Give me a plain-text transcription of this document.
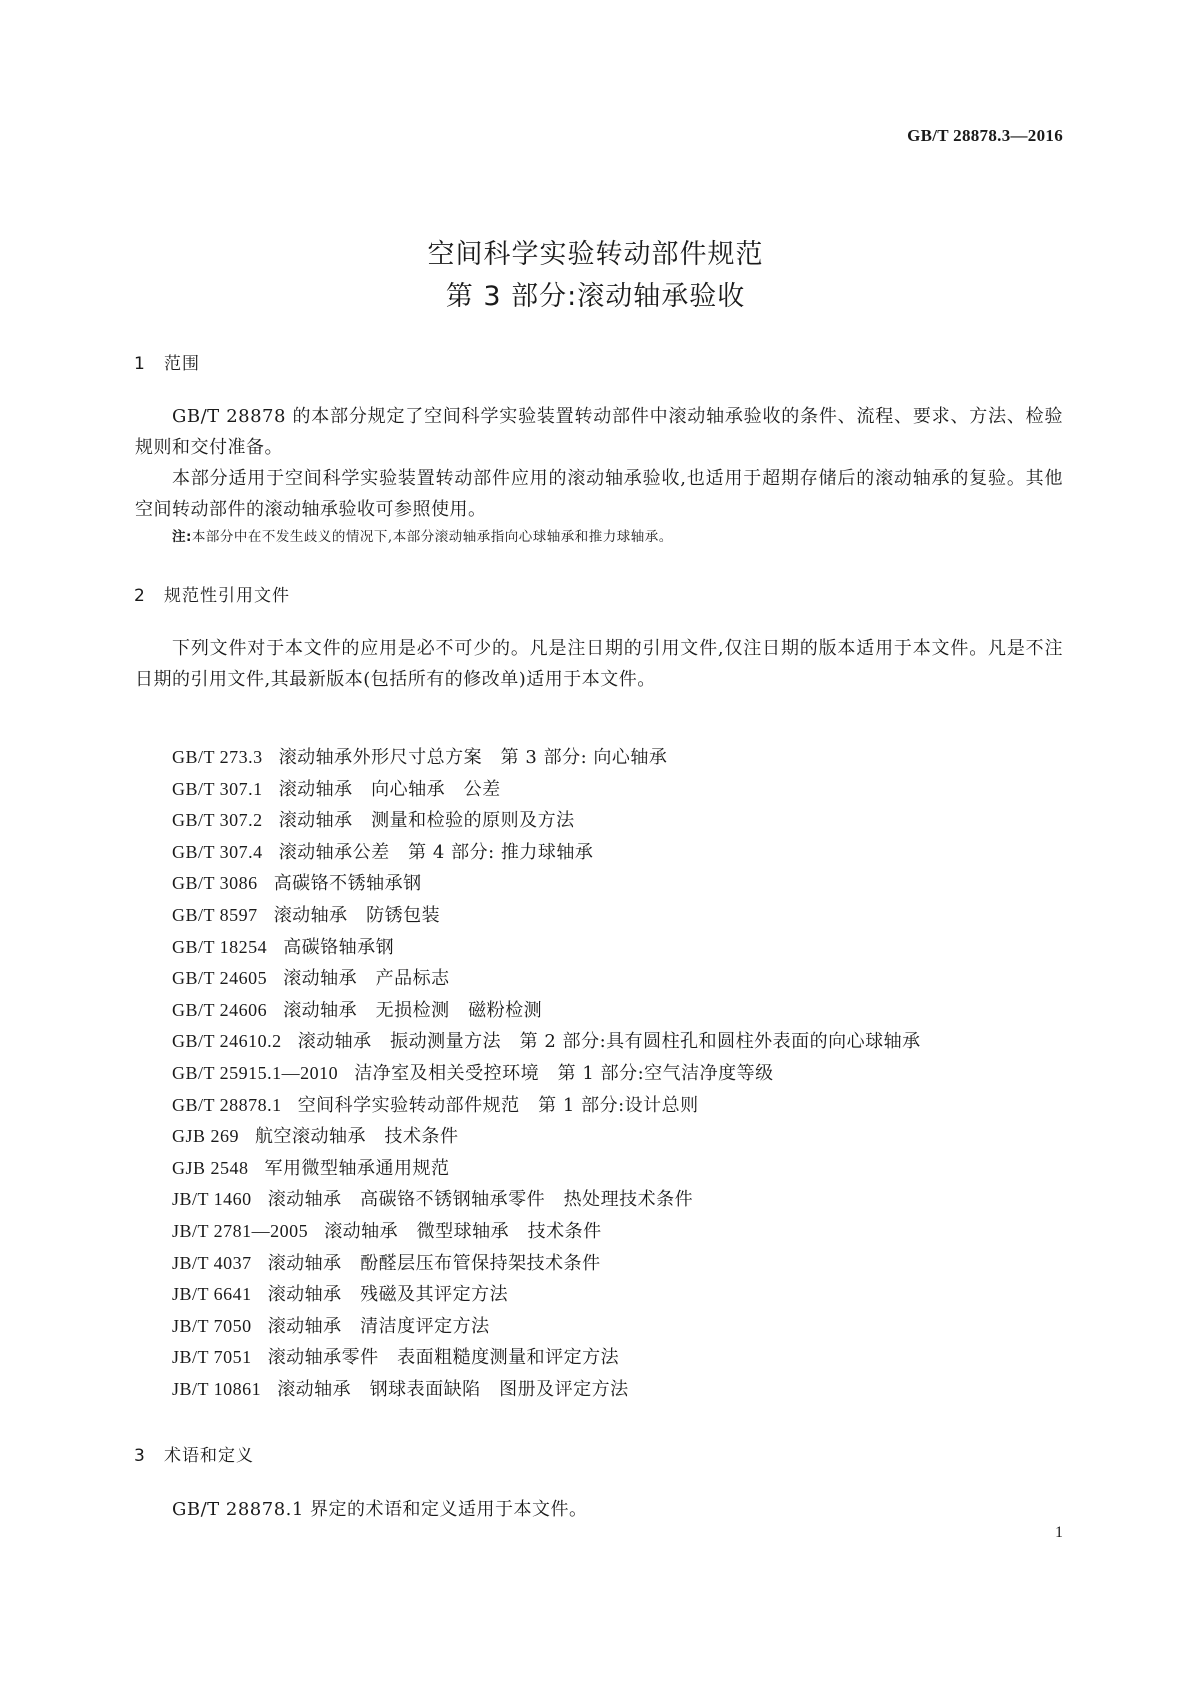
GB/T 28878.3—2016
空间科学实验转动部件规范
第 3 部分:滚动轴承验收
1 范围

GB/T 28878 的本部分规定了空间科学实验装置转动部件中滚动轴承验收的条件、流程、要求、方法、检验规则和交付准备。

本部分适用于空间科学实验装置转动部件应用的滚动轴承验收,也适用于超期存储后的滚动轴承的复验。其他空间转动部件的滚动轴承验收可参照使用。

注:本部分中在不发生歧义的情况下,本部分滚动轴承指向心球轴承和推力球轴承。
2 规范性引用文件

下列文件对于本文件的应用是必不可少的。凡是注日期的引用文件,仅注日期的版本适用于本文件。凡是不注日期的引用文件,其最新版本(包括所有的修改单)适用于本文件。

GB/T 273.3 滚动轴承外形尺寸总方案　第 3 部分: 向心轴承
GB/T 307.1 滚动轴承　向心轴承　公差
GB/T 307.2 滚动轴承　测量和检验的原则及方法
GB/T 307.4 滚动轴承公差　第 4 部分: 推力球轴承
GB/T 3086 高碳铬不锈轴承钢
GB/T 8597 滚动轴承　防锈包装
GB/T 18254 高碳铬轴承钢
GB/T 24605 滚动轴承　产品标志
GB/T 24606 滚动轴承　无损检测　磁粉检测
GB/T 24610.2 滚动轴承　振动测量方法　第 2 部分:具有圆柱孔和圆柱外表面的向心球轴承
GB/T 25915.1—2010 洁净室及相关受控环境　第 1 部分:空气洁净度等级
GB/T 28878.1 空间科学实验转动部件规范　第 1 部分:设计总则
GJB 269 航空滚动轴承　技术条件
GJB 2548 军用微型轴承通用规范
JB/T 1460 滚动轴承　高碳铬不锈钢轴承零件　热处理技术条件
JB/T 2781—2005 滚动轴承　微型球轴承　技术条件
JB/T 4037 滚动轴承　酚醛层压布管保持架技术条件
JB/T 6641 滚动轴承　残磁及其评定方法
JB/T 7050 滚动轴承　清洁度评定方法
JB/T 7051 滚动轴承零件　表面粗糙度测量和评定方法
JB/T 10861 滚动轴承　钢球表面缺陷　图册及评定方法
3 术语和定义

GB/T 28878.1 界定的术语和定义适用于本文件。

1
